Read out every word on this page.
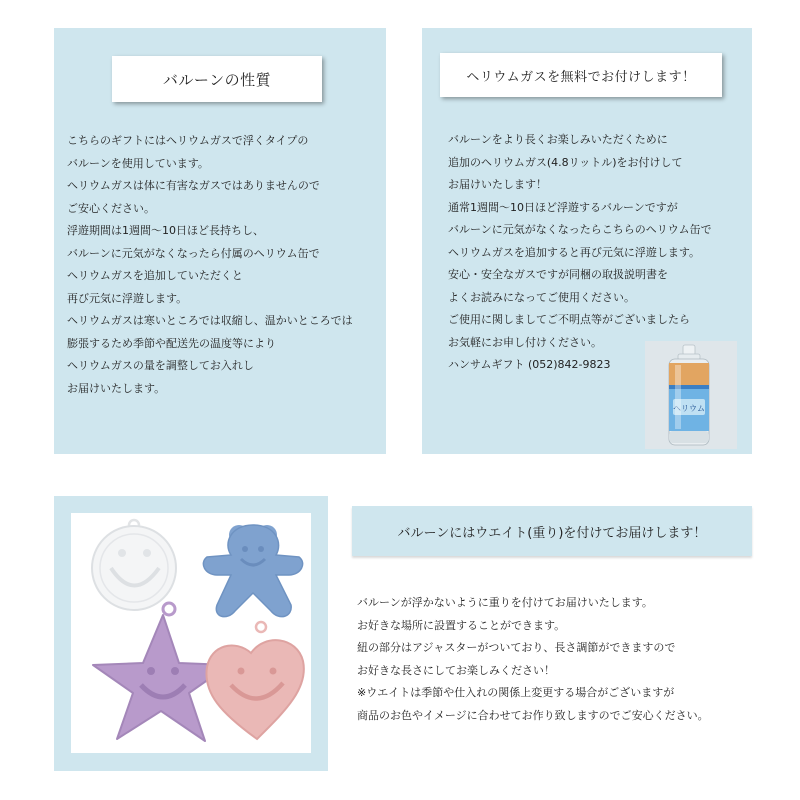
バルーンの性質
こちらのギフトにはヘリウムガスで浮くタイプの
バルーンを使用しています。
ヘリウムガスは体に有害なガスではありませんので
ご安心ください。
浮遊期間は1週間～10日ほど長持ちし、
バルーンに元気がなくなったら付属のヘリウム缶で
ヘリウムガスを追加していただくと
再び元気に浮遊します。
ヘリウムガスは寒いところでは収縮し、温かいところでは
膨張するため季節や配送先の温度等により
ヘリウムガスの量を調整してお入れし
お届けいたします。
ヘリウムガスを無料でお付けします！
バルーンをより長くお楽しみいただくために
追加のヘリウムガス(4.8リットル)をお付けして
お届けいたします！
通常1週間～10日ほど浮遊するバルーンですが
バルーンに元気がなくなったらこちらのヘリウム缶で
ヘリウムガスを追加すると再び元気に浮遊します。
安心・安全なガスですが同梱の取扱説明書を
よくお読みになってご使用ください。
ご使用に関しましてご不明点等がございましたら
お気軽にお申し付けください。
ハンサムギフト (052)842-9823
ヘリウム
バルーンにはウエイト(重り)を付けてお届けします！
バルーンが浮かないように重りを付けてお届けいたします。
お好きな場所に設置することができます。
紐の部分はアジャスターがついており、長さ調節ができますので
お好きな長さにしてお楽しみください！
※ウエイトは季節や仕入れの関係上変更する場合がございますが
商品のお色やイメージに合わせてお作り致しますのでご安心ください。
